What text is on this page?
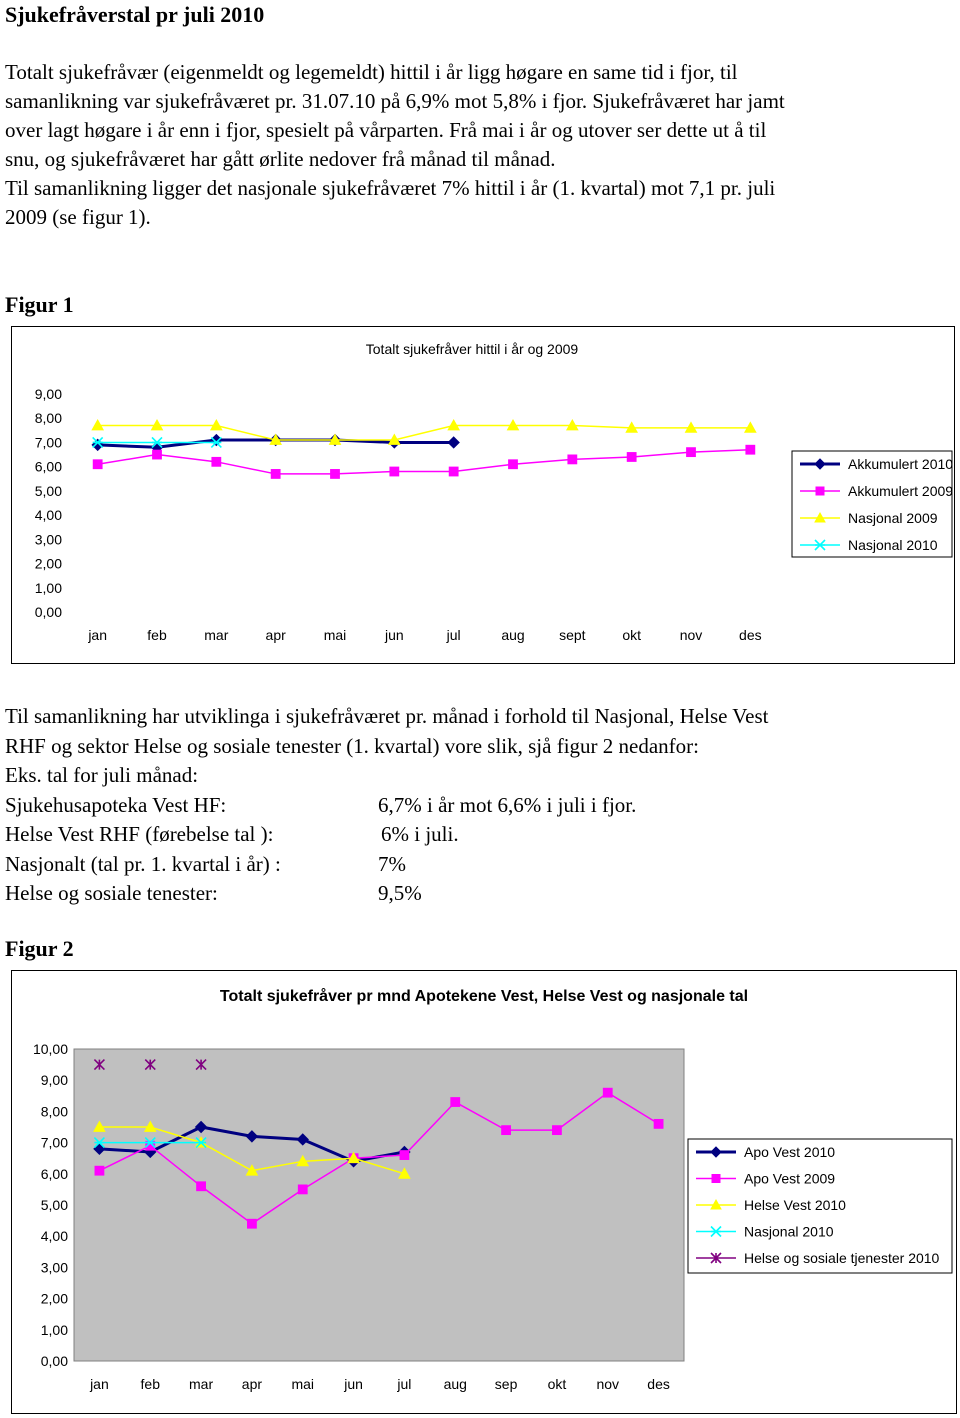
Sjukefråverstal pr juli 2010
Totalt sjukefråvær (eigenmeldt og legemeldt) hittil i år ligg høgare en same tid i fjor, til
samanlikning var sjukefråværet pr. 31.07.10 på 6,9% mot 5,8% i fjor. Sjukefråværet har jamt
over lagt høgare i år enn i fjor, spesielt på vårparten. Frå mai i år og utover ser dette ut å til
snu, og sjukefråværet har gått ørlite nedover frå månad til månad.
Til samanlikning ligger det nasjonale sjukefråværet 7% hittil i år (1. kvartal) mot 7,1 pr. juli
2009 (se figur 1).
Figur 1
Totalt sjukefråver hittil i år og 2009
0,00
1,00
2,00
3,00
4,00
5,00
6,00
7,00
8,00
9,00
jan	feb	mar	apr	mai	jun	jul	aug sept	okt	nov	des
Akkumulert 2010
Akkumulert 2009
Nasjonal 2009
Nasjonal 2010
Til samanlikning har utviklinga i sjukefråværet pr. månad i forhold til Nasjonal, Helse Vest
RHF og sektor Helse og sosiale tenester (1. kvartal) vore slik, sjå figur 2 nedanfor:
Eks. tal for juli månad:
Sjukehusapoteka Vest HF:	6,7% i år mot 6,6% i juli i fjor.
Helse Vest RHF (førebelse tal ):	6% i juli.
Nasjonalt (tal pr. 1. kvartal i år) :	7%
Helse og sosiale tenester:	9,5%
Figur 2
Totalt sjukefråver pr mnd Apotekene Vest, Helse Vest og nasjonale tal
0,00
1,00
2,00
3,00
4,00
5,00
6,00
7,00
8,00
9,00
10,00
jan feb mar apr mai jun jul aug sep okt nov des
Apo Vest 2010
Apo Vest 2009
Helse Vest 2010
Nasjonal 2010
Helse og sosiale tjenester 2010
